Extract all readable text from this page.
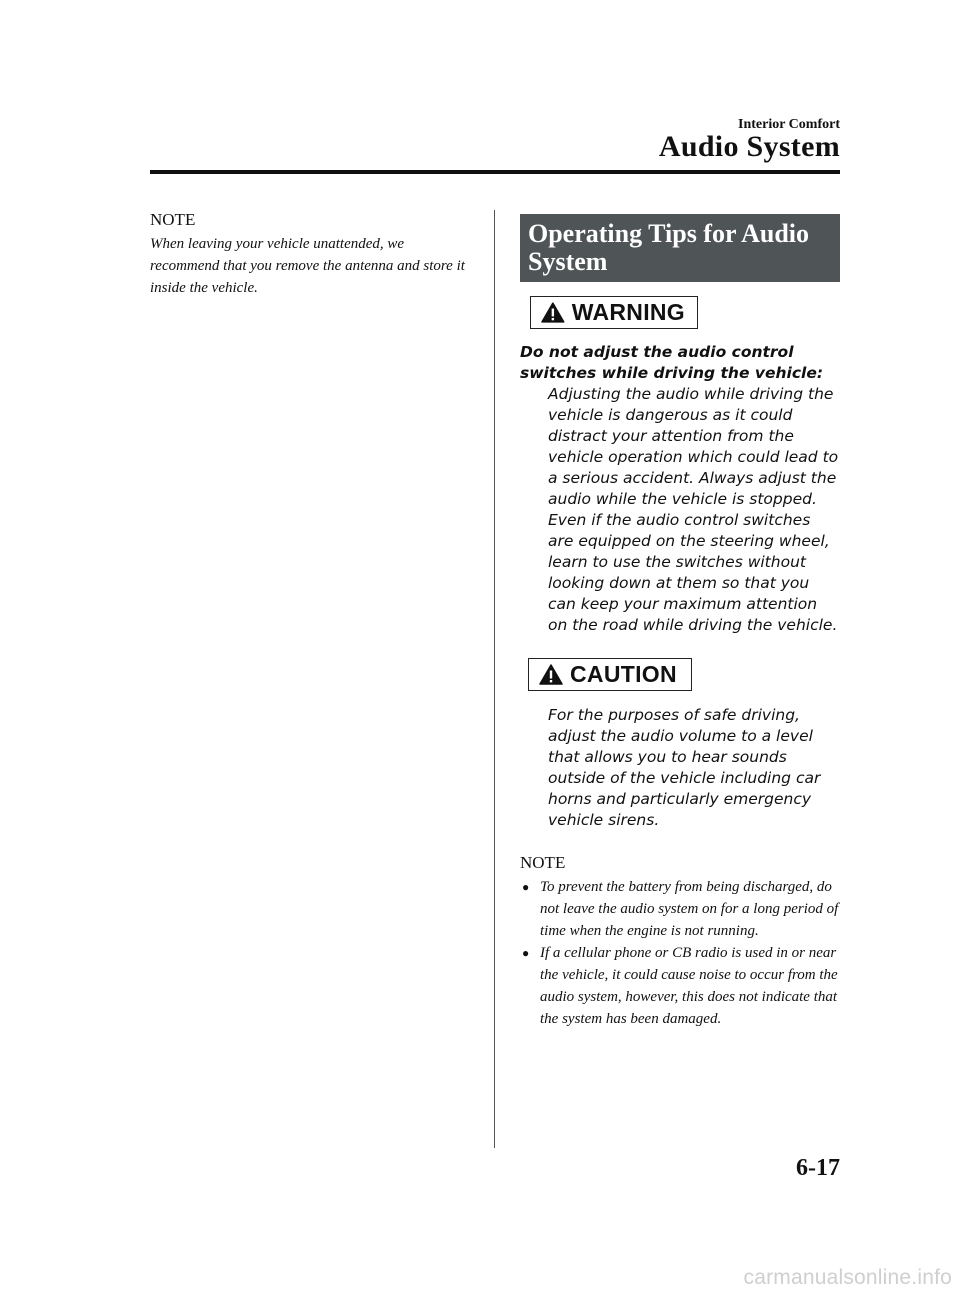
Interior Comfort
Audio System
NOTE

When leaving your vehicle unattended, we recommend that you remove the antenna and store it inside the vehicle.

Operating Tips for Audio System
WARNING

Do not adjust the audio control switches while driving the vehicle:

Adjusting the audio while driving the vehicle is dangerous as it could distract your attention from the vehicle operation which could lead to a serious accident. Always adjust the audio while the vehicle is stopped. Even if the audio control switches are equipped on the steering wheel, learn to use the switches without looking down at them so that you can keep your maximum attention on the road while driving the vehicle.

CAUTION

For the purposes of safe driving, adjust the audio volume to a level that allows you to hear sounds outside of the vehicle including car horns and particularly emergency vehicle sirens.

NOTE
● To prevent the battery from being discharged, do not leave the audio system on for a long period of time when the engine is not running.
● If a cellular phone or CB radio is used in or near the vehicle, it could cause noise to occur from the audio system, however, this does not indicate that the system has been damaged.
6-17
carmanualsonline.info
